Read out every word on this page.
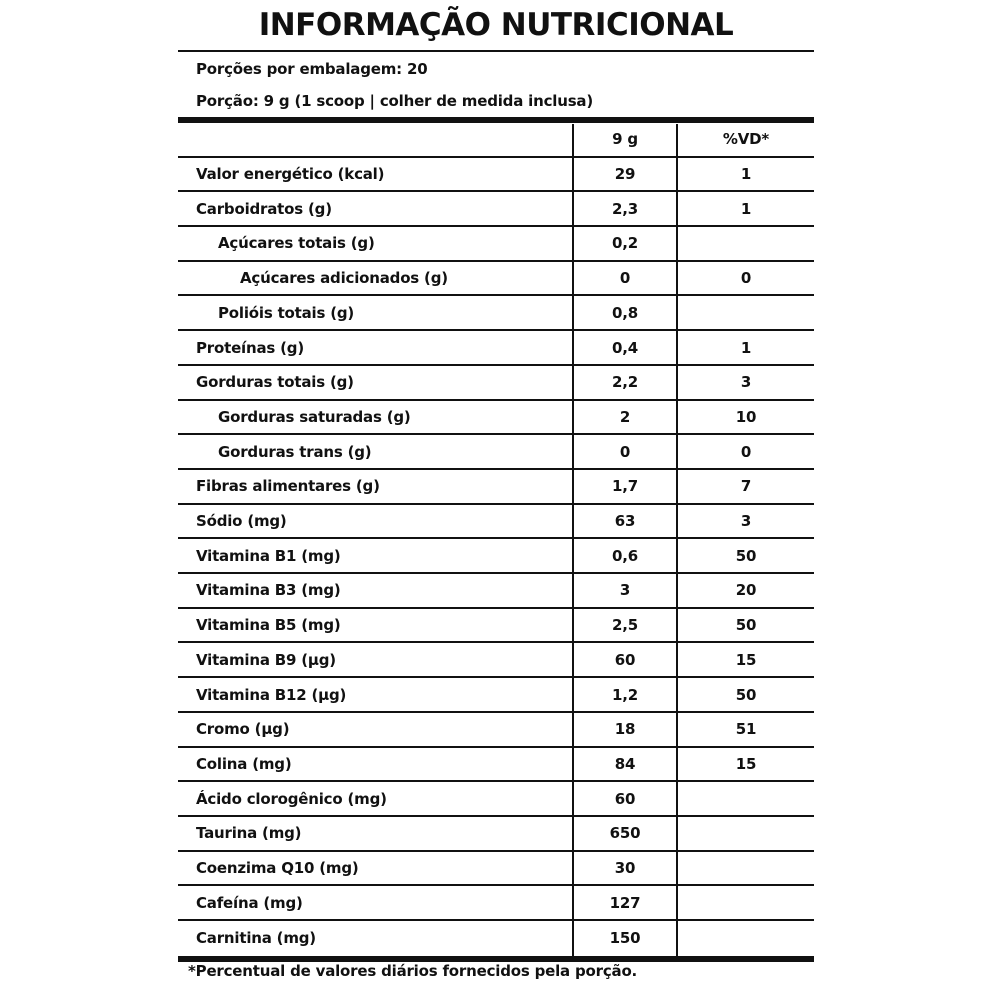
INFORMAÇÃO NUTRICIONAL
Porções por embalagem: 20
Porção: 9 g (1 scoop | colher de medida inclusa)
9 g	%VD*
Valor energético (kcal)	29	1
Carboidratos (g)	2,3	1
Açúcares totais (g)	0,2
Açúcares adicionados (g)	0	0
Polióis totais (g)	0,8
Proteínas (g)	0,4	1
Gorduras totais (g)	2,2	3
Gorduras saturadas (g)	2	10
Gorduras trans (g)	0	0
Fibras alimentares (g)	1,7	7
Sódio (mg)	63	3
Vitamina B1 (mg)	0,6	50
Vitamina B3 (mg)	3	20
Vitamina B5 (mg)	2,5	50
Vitamina B9 (µg)	60	15
Vitamina B12 (µg)	1,2	50
Cromo (µg)	18	51
Colina (mg)	84	15
Ácido clorogênico (mg)	60
Taurina (mg)	650
Coenzima Q10 (mg)	30
Cafeína (mg)	127
Carnitina (mg)	150
*Percentual de valores diários fornecidos pela porção.
